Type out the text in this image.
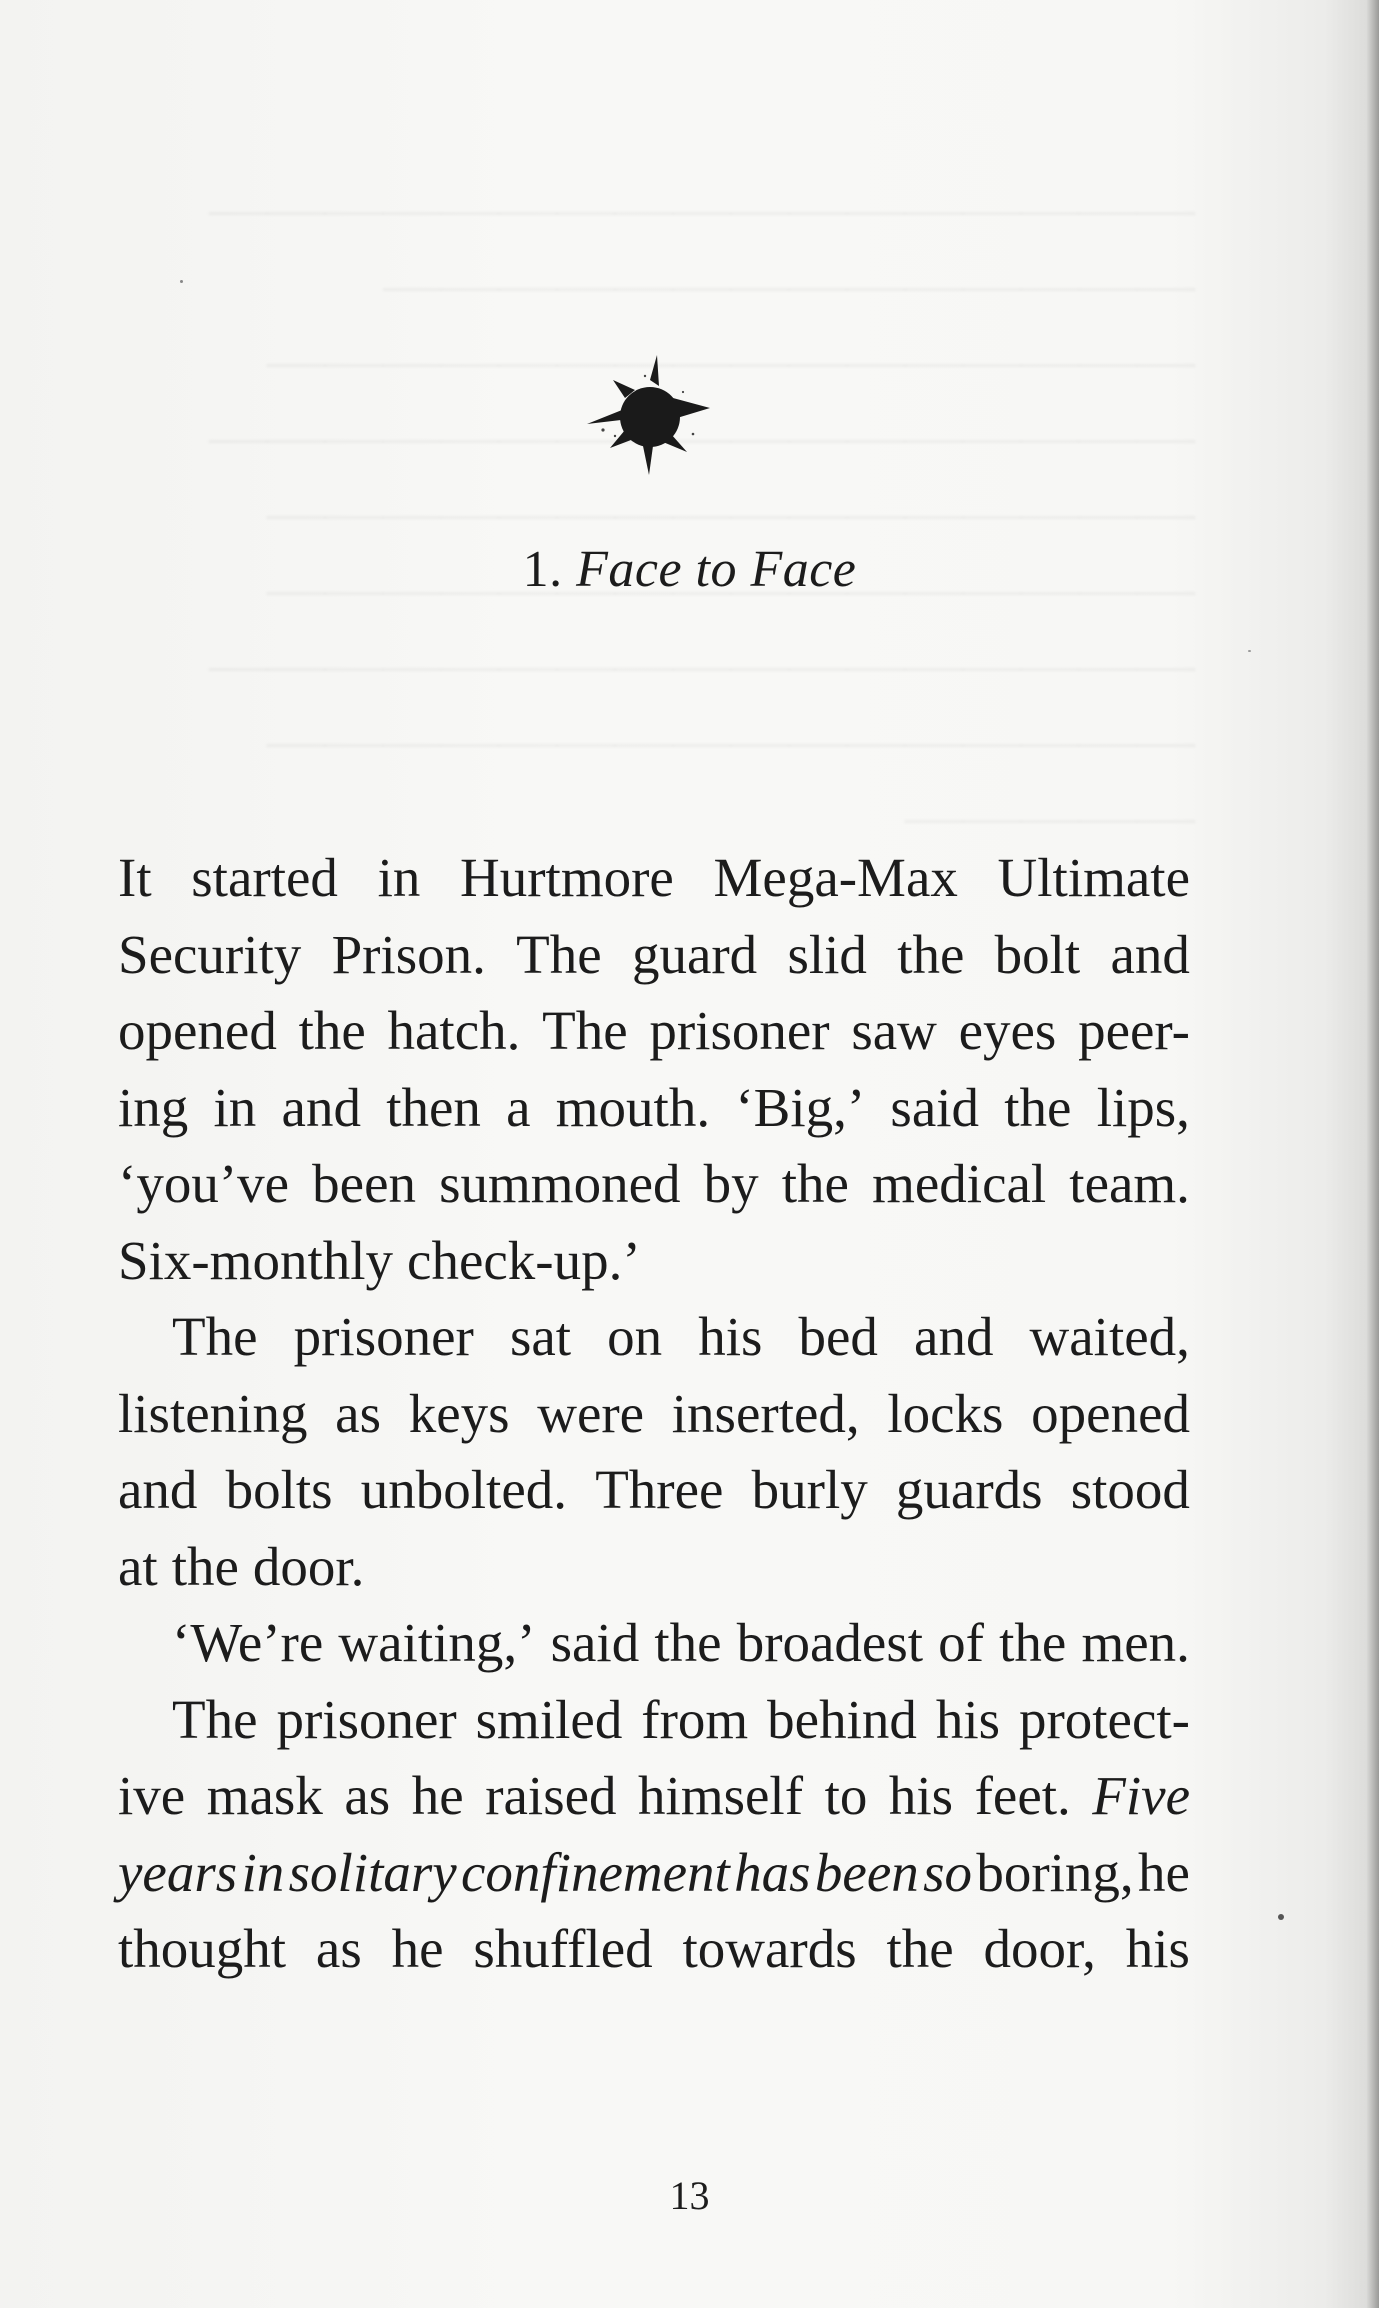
1. Face to Face
It started in Hurtmore Mega-Max Ultimate
Security Prison. The guard slid the bolt and
opened the hatch. The prisoner saw eyes peer-
ing in and then a mouth. ‘Big,’ said the lips,
‘you’ve been summoned by the medical team.
Six-monthly check-up.’
The prisoner sat on his bed and waited,
listening as keys were inserted, locks opened
and bolts unbolted. Three burly guards stood
at the door.
‘We’re waiting,’ said the broadest of the men.
The prisoner smiled from behind his protect-
ive mask as he raised himself to his feet. Five
years in solitary confinement has been so boring, he
thought as he shuffled towards the door, his
13
